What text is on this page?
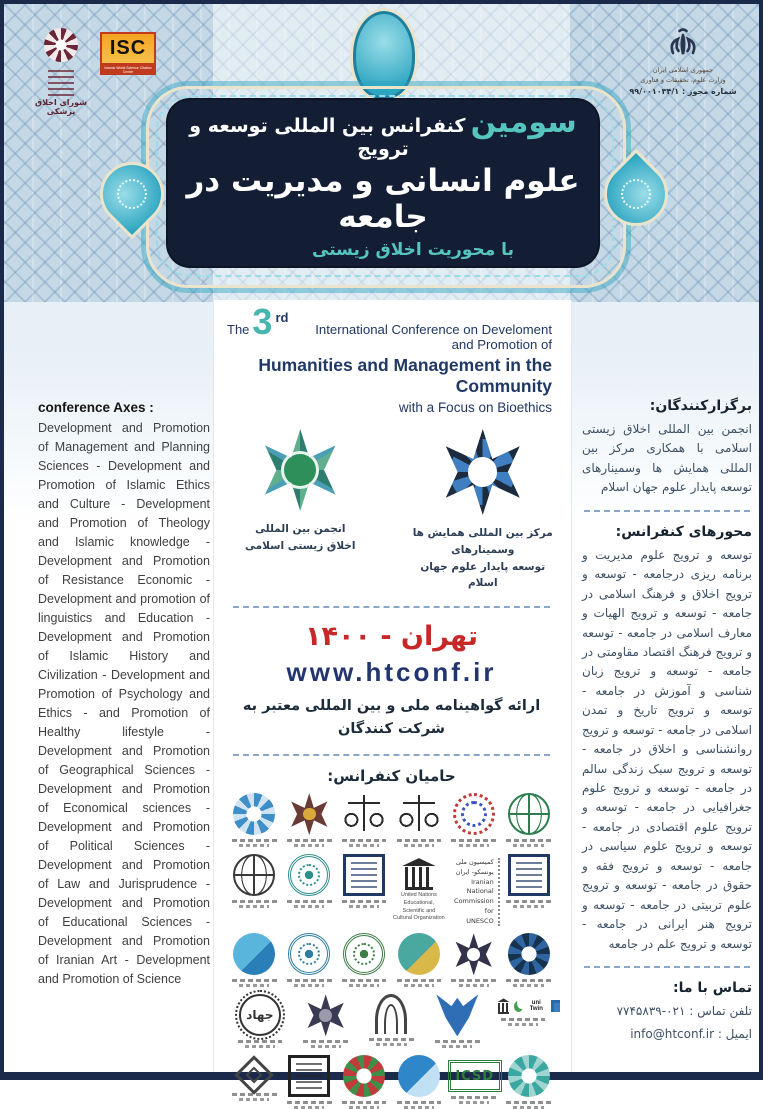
شورای اخلاق پزشکی
ISC
Islamic World Science Citation Center	جمهوری اسلامی ایران
وزارت علوم، تحقیقات و فناوری
شماره مجوز : ۹۹/۰۰۱۰۳۴/۱
سومین کنفرانس بین المللی توسعه و ترویج
علوم انسانی و مدیریت در جامعه
با محوریت اخلاق زیستی
The 3 rd
International Conference on Develoment and Promotion of
Humanities and Management in the Community
with a Focus on Bioethics
انجمن بین المللی
اخلاق زیستی اسلامی
مرکز بین المللی همایش ها وسمینارهای
توسعه پایدار علوم جهان اسلام
تهران - ۱۴۰۰
www.htconf.ir
ارائه گواهینامه ملی و بین المللی معتبر به
شرکت کنندگان
حامیان کنفرانس:
United Nations
Educational, Scientific and
Cultural Organization
کمیسیون ملی
یونسکو- ایران
Iranian National
Commission for
UNESCO
جهاد
uni Twin
ICSD
conference Axes :

Development and Promotion of Management and Planning Sciences - Development and Promotion of Islamic Ethics and Culture - Development and Promotion of Theology and Islamic knowledge - Development and Promotion of Resistance Economic - Development and promotion of linguistics and Education - Development and Promotion of Islamic History and Civilization - Development and Promotion of Psychology and Ethics - and Promotion of Healthy lifestyle - Development and Promotion of Geographical Sciences - Development and Promotion of Economical sciences - Development and Promotion of Political Sciences - Development and Promotion of Law and Jurisprudence - Development and Promotion of Educational Sciences - Development and Promotion of Iranian Art - Development and Promotion of Science

برگزارکنندگان:

انجمن بین المللی اخلاق زیستی اسلامی با همکاری مرکز بین المللی همایش ها وسمینارهای توسعه پایدار علوم جهان اسلام

محورهای کنفرانس:

توسعه و ترویج علوم مدیریت و برنامه ریزی درجامعه - توسعه و ترویج اخلاق و فرهنگ اسلامی در جامعه - توسعه و ترویج الهیات و معارف اسلامی در جامعه - توسعه و ترویج فرهنگ اقتصاد مقاومتی در جامعه - توسعه و ترویج زبان شناسی و آموزش در جامعه - توسعه و ترویج تاریخ و تمدن اسلامی در جامعه - توسعه و ترویج روانشناسی و اخلاق در جامعه - توسعه و ترویج سبک زندگی سالم در جامعه - توسعه و ترویج علوم جغرافیایی در جامعه - توسعه و ترویج علوم اقتصادی در جامعه - توسعه و ترویج علوم سیاسی در جامعه - توسعه و ترویج فقه و حقوق در جامعه - توسعه و ترویج علوم تربیتی در جامعه - توسعه و ترویج هنر ایرانی در جامعه - توسعه و ترویج علم در جامعه

تماس با ما:

تلفن تماس : ۰۲۱-۷۷۴۵۸۳۹

ایمیل : info@htconf.ir
